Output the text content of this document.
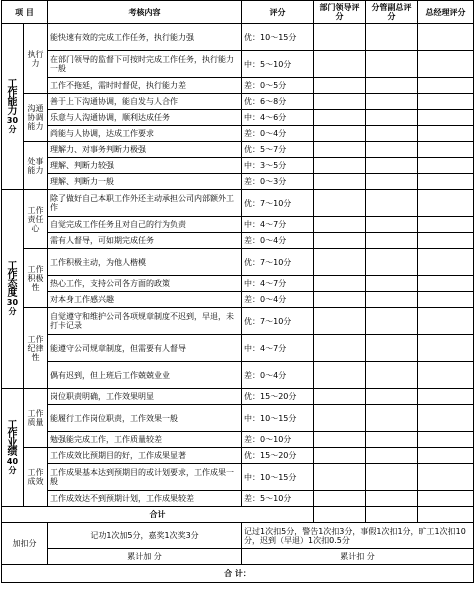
项 目		考核内容	评分	部门领导评分	分管副总评分	总经理评分
工作能力
30分	执行力	能快速有效的完成工作任务，执行能力强	优：10～15分			
		在部门领导的监督下可按时完成工作任务，执行能力一般	中：5～10分			
		工作不拖延，需时时督促，执行能力差	差：0～5分			
	沟通协调能力	善于上下沟通协调，能自发与人合作	优：6～8分			
		乐意与人沟通协调，顺利达成任务	中：4～6分			
		尚能与人协调，达成工作要求	差：0～4分			
	处事能力	理解力、对事务判断力极强	优：5～7分			
		理解、判断力较强	中：3～5分			
		理解、判断力一般	差：0～3分			
工作态度
30分	工作责任心	除了做好自己本职工作外还主动承担公司内部额外工作	优：7～10分			
		自觉完成工作任务且对自己的行为负责	中：4～7分			
		需有人督导，可如期完成任务	差：0～4分			
	工作积极性	工作积极主动，为他人楷模	优：7～10分			
		热心工作，支持公司各方面的政策	中：4～7分			
		对本身工作感兴趣	差：0～4分			
	工作纪律性	自觉遵守和维护公司各项规章制度不迟到，早退，未打卡记录	优：7～10分			
		能遵守公司规章制度，但需要有人督导	中：4～7分			
		偶有迟到，但上班后工作兢兢业业	差：0～4分			
工作业绩
40分	工作质量	岗位职责明确，工作效果明显	优：15～20分			
		能履行工作岗位职责，工作效果一般	中：10～15分			
		勉强能完成工作，工作质量较差	差：0～10分			
	工作成效	工作成效比预期目的好，工作成果显著	优：15～20分			
		工作成果基本达到预期目的或计划要求，工作成果一般	中：10～15分			
		工作成效达不到预期计划，工作成果较差	差：5～10分			
合计						
加扣分		记功1次加5分，嘉奖1次奖3分	记过1次扣5分，警告1次扣3分，事假1次扣1分，旷工1次扣10分，迟到（早退）1次扣0.5分			
		累计加 分	累计扣 分			
合 计：						
